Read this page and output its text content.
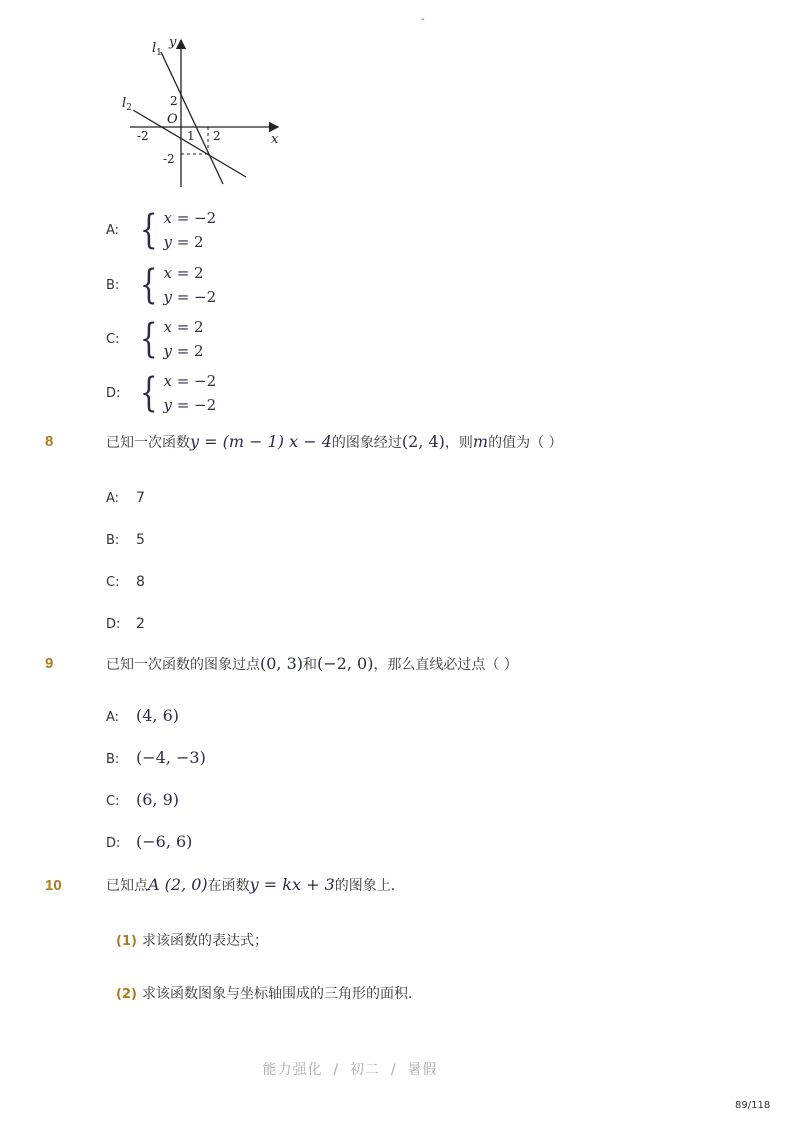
-
$l_1$
$l_2$
y
x
O
2
-2	1 2
-2
A: { x = −2
y = 2
B: { x = 2
y = −2
C: { x = 2
y = 2
D: { x = −2
y = −2
8	已知一次函数y = (m − 1) x − 4的图象经过(2, 4)，则m的值为（ ）
A: 7
B: 5
C: 8
D: 2
9	已知一次函数的图象过点(0, 3)和(−2, 0)，那么直线必过点（ ）
A: (4, 6)
B: (−4, −3)
C: (6, 9)
D: (−6, 6)
10	已知点A (2, 0)在函数y = kx + 3的图象上．
(1) 求该函数的表达式；
(2) 求该函数图象与坐标轴围成的三角形的面积．
能力强化  /  初二  /  暑假
89/118
